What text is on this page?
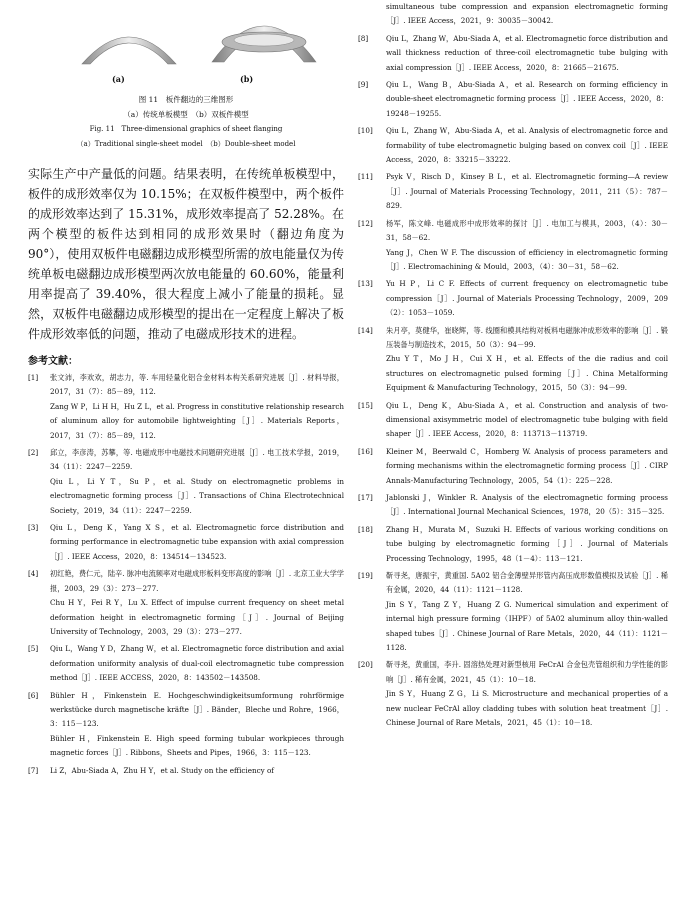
(a)	(b)
图 11　板件翻边的三维图形
（a）传统单板模型　（b）双板件模型
Fig. 11　Three-dimensional graphics of sheet flanging
（a）Traditional single-sheet model　（b）Double-sheet model

实际生产中产量低的问题。结果表明，在传统单板模型中，板件的成形效率仅为 10.15%；在双板件模型中，两个板件的成形效率达到了 15.31%，成形效率提高了 52.28%。在两个模型的板件达到相同的成形效果时（翻边角度为 90°），使用双板件电磁翻边成形模型所需的放电能量仅为传统单板电磁翻边成形模型两次放电能量的 60.60%，能量利用率提高了 39.40%，很大程度上减小了能量的损耗。显然，双板件电磁翻边成形模型的提出在一定程度上解决了板件成形效率低的问题，推动了电磁成形技术的进程。

参考文献：
[1]	张文沛，李欢欢，胡志力，等. 车用轻量化铝合金材料本构关系研究进展［J］. 材料导报，2017，31（7）：85－89，112.
Zang W P，Li H H，Hu Z L，et al. Progress in constitutive relationship research of aluminum alloy for automobile lightweighting［J］. Materials Reports，2017，31（7）：85－89，112.
[2]	邱立，李彦涛，苏攀，等. 电磁成形中电磁技术问题研究进展［J］. 电工技术学报，2019，34（11）：2247－2259.
Qiu L，Li Y T，Su P，et al. Study on electromagnetic problems in electromagnetic forming process［J］. Transactions of China Electrotechnical Society，2019，34（11）：2247－2259.
[3]	Qiu L，Deng K，Yang X S，et al. Electromagnetic force distribution and forming performance in electromagnetic tube expansion with axial compression［J］. IEEE Access，2020，8：134514－134523.
[4]	初红艳，费仁元，陆辛. 脉冲电流频率对电磁成形板料变形高度的影响［J］. 北京工业大学学报，2003，29（3）：273－277.
Chu H Y，Fei R Y，Lu X. Effect of impulse current frequency on sheet metal deformation height in electromagnetic forming［J］. Journal of Beijing University of Technology，2003，29（3）：273－277.
[5]	Qiu L，Wang Y D，Zhang W，et al. Electromagnetic force distribution and axial deformation uniformity analysis of dual-coil electromagnetic tube compression method［J］. IEEE ACCESS，2020，8：143502－143508.
[6]	Bühler H，Finkenstein E. Hochgeschwindigkeitsumformung rohrförmige werkstücke durch magnetische kräfte［J］. Bänder，Bleche und Rohre，1966，3：115－123.
Bühler H，Finkenstein E. High speed forming tubular workpieces through magnetic forces［J］. Ribbons，Sheets and Pipes，1966，3：115－123.
[7]	Li Z，Abu-Siada A，Zhu H Y，et al. Study on the efficiency of
simultaneous tube compression and expansion electromagnetic forming［J］. IEEE Access，2021，9：30035－30042.
[8]	Qiu L，Zhang W，Abu-Siada A，et al. Electromagnetic force distribution and wall thickness reduction of three-coil electromagnetic tube bulging with axial compression［J］. IEEE Access，2020，8：21665－21675.
[9]	Qiu L，Wang B，Abu-Siada A，et al. Research on forming efficiency in double-sheet electromagnetic forming process［J］. IEEE Access，2020，8：19248－19255.
[10]	Qiu L，Zhang W，Abu-Siada A，et al. Analysis of electromagnetic force and formability of tube electromagnetic bulging based on convex coil［J］. IEEE Access，2020，8：33215－33222.
[11]	Psyk V，Risch D，Kinsey B L，et al. Electromagnetic forming—A review［J］. Journal of Materials Processing Technology，2011，211（5）：787－829.
[12]	杨军，陈文峰. 电磁成形中成形效率的探讨［J］. 电加工与模具，2003，（4）：30－31，58－62.
Yang J，Chen W F. The discussion of efficiency in electromagnetic forming［J］. Electromachining & Mould，2003，（4）：30－31，58－62.
[13]	Yu H P，Li C F. Effects of current frequency on electromagnetic tube compression［J］. Journal of Materials Processing Technology，2009，209（2）：1053－1059.
[14]	朱月亭，莫健华，崔晓辉，等. 线圈和模具结构对板料电磁脉冲成形效率的影响［J］. 锻压装备与制造技术，2015，50（3）：94－99.
Zhu Y T，Mo J H，Cui X H，et al. Effects of the die radius and coil structures on electromagnetic pulsed forming［J］. China Metalforming Equipment & Manufacturing Technology，2015，50（3）：94－99.
[15]	Qiu L，Deng K，Abu-Siada A，et al. Construction and analysis of two-dimensional axisymmetric model of electromagnetic tube bulging with field shaper［J］. IEEE Access，2020，8：113713－113719.
[16]	Kleiner M，Beerwald C，Homberg W. Analysis of process parameters and forming mechanisms within the electromagnetic forming process［J］. CIRP Annals-Manufacturing Technology，2005，54（1）：225－228.
[17]	Jablonski J，Winkler R. Analysis of the electromagnetic forming process［J］. International Journal Mechanical Sciences，1978，20（5）：315－325.
[18]	Zhang H，Murata M，Suzuki H. Effects of various working conditions on tube bulging by electromagnetic forming［J］. Journal of Materials Processing Technology，1995，48（1－4）：113－121.
[19]	靳寻尧，唐振宇，黄重国. 5A02 铝合金薄壁异形管内高压成形数值模拟及试验［J］. 稀有金属，2020，44（11）：1121－1128.
Jin S Y，Tang Z Y，Huang Z G. Numerical simulation and experiment of internal high pressure forming（IHPF）of 5A02 aluminum alloy thin-walled shaped tubes［J］. Chinese Journal of Rare Metals，2020，44（11）：1121－1128.
[20]	靳寻尧，黄重国，李升. 固溶热处理对新型核用 FeCrAl 合金包壳管组织和力学性能的影响［J］. 稀有金属，2021，45（1）：10－18.
Jin S Y，Huang Z G，Li S. Microstructure and mechanical properties of a new nuclear FeCrAl alloy cladding tubes with solution heat treatment［J］. Chinese Journal of Rare Metals，2021，45（1）：10－18.
